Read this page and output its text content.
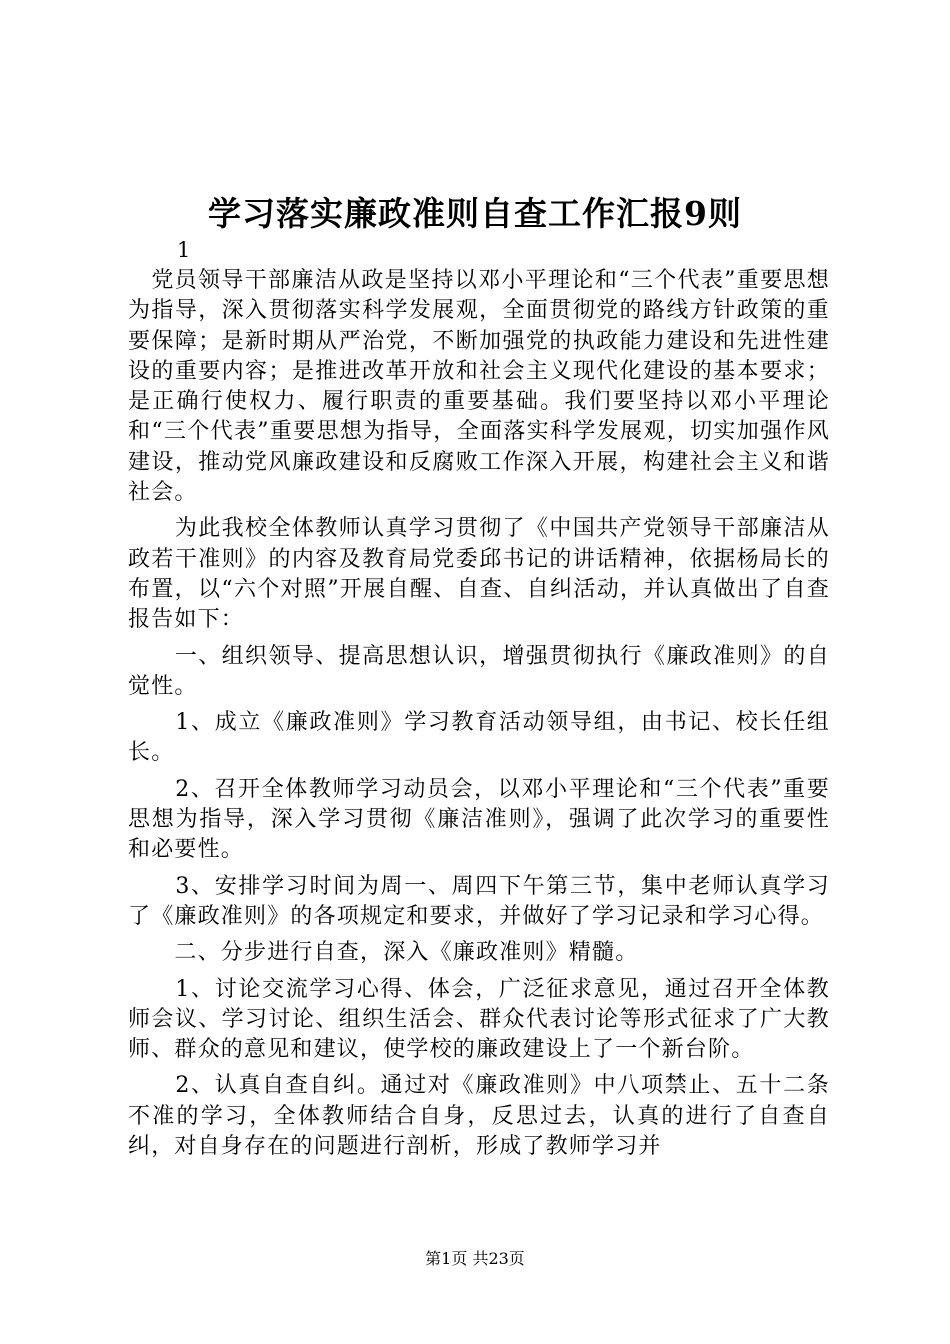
学习落实廉政准则自查工作汇报9则
1

　党员领导干部廉洁从政是坚持以邓小平理论和“三个代表”重要思想为指导，深入贯彻落实科学发展观，全面贯彻党的路线方针政策的重要保障；是新时期从严治党，不断加强党的执政能力建设和先进性建设的重要内容；是推进改革开放和社会主义现代化建设的基本要求；是正确行使权力、履行职责的重要基础。我们要坚持以邓小平理论和“三个代表”重要思想为指导，全面落实科学发展观，切实加强作风建设，推动党风廉政建设和反腐败工作深入开展，构建社会主义和谐社会。

　　为此我校全体教师认真学习贯彻了《中国共产党领导干部廉洁从政若干准则》的内容及教育局党委邱书记的讲话精神，依据杨局长的布置，以“六个对照”开展自醒、自查、自纠活动，并认真做出了自查报告如下：

　　一、组织领导、提高思想认识，增强贯彻执行《廉政准则》的自觉性。

　　1、成立《廉政准则》学习教育活动领导组，由书记、校长任组长。

　　2、召开全体教师学习动员会，以邓小平理论和“三个代表”重要思想为指导，深入学习贯彻《廉洁准则》，强调了此次学习的重要性和必要性。

　　3、安排学习时间为周一、周四下午第三节，集中老师认真学习了《廉政准则》的各项规定和要求，并做好了学习记录和学习心得。

　　二、分步进行自查，深入《廉政准则》精髓。

　　1、讨论交流学习心得、体会，广泛征求意见，通过召开全体教师会议、学习讨论、组织生活会、群众代表讨论等形式征求了广大教师、群众的意见和建议，使学校的廉政建设上了一个新台阶。

　　2、认真自查自纠。通过对《廉政准则》中八项禁止、五十二条不准的学习，全体教师结合自身，反思过去，认真的进行了自查自纠，对自身存在的问题进行剖析，形成了教师学习并

第1页 共23页
